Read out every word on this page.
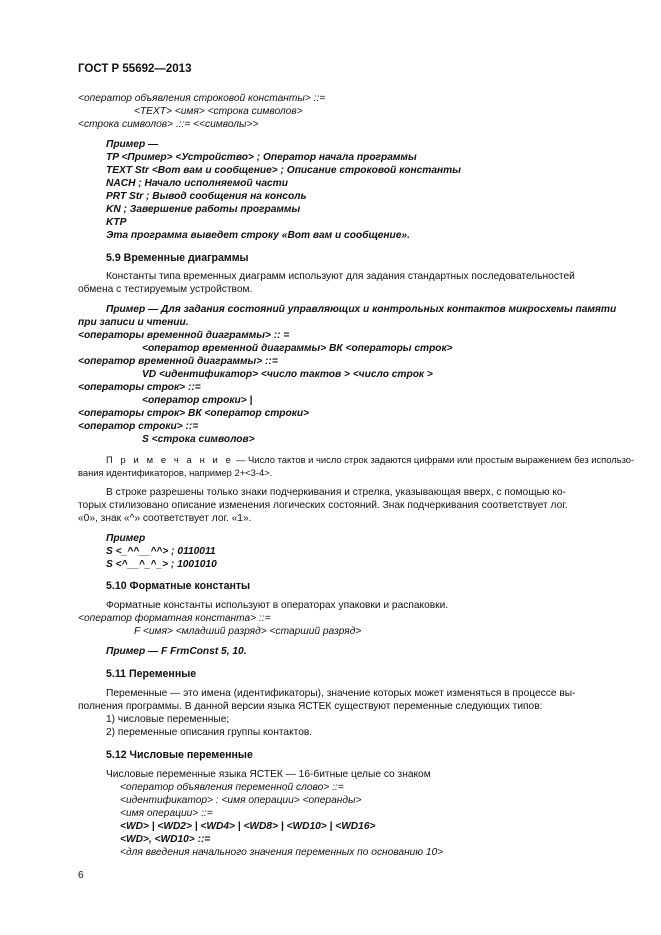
ГОСТ Р 55692—2013
<оператор объявления строковой константы> ::=
<TEXT> <имя> <строка символов>
<строка символов> .::= <<символы>>
Пример —
TP <Пример> <Устройство> ; Оператор начала программы
TEXT Str <Вот вам и сообщение> ; Описание строковой константы
NACH ; Начало исполняемой части
PRT Str ; Вывод сообщения на консоль
KN ; Завершение работы программы
KTP
Эта программа выведет строку «Вот вам и сообщение».
5.9 Временные диаграммы
Константы типа временных диаграмм используют для задания стандартных последовательностей
обмена с тестируемым устройством.
Пример — Для задания состояний управляющих и контрольных контактов микросхемы памяти
при записи и чтении.
<операторы временной диаграммы> :: =
<оператор временной диаграммы> ВК <операторы строк>
<оператор временной диаграммы> ::=
VD <идентификатор> <число тактов > <число строк >
<операторы строк> ::=
<оператор строки> |
<операторы строк> ВК <оператор строки>
<оператор строки> ::=
S <строка символов>
П р и м е ч а н и е — Число тактов и число строк задаются цифрами или простым выражением без использо-
вания идентификаторов, например 2+<3-4>.
В строке разрешены только знаки подчеркивания и стрелка, указывающая вверх, с помощью ко-
торых стилизовано описание изменения логических состояний. Знак подчеркивания соответствует лог.
«0», знак «^» соответствует лог. «1».
Пример
S <_^^__^^> ; 0110011
S <^__^_^_> ; 1001010
5.10 Форматные константы
Форматные константы используют в операторах упаковки и распаковки.
<оператор форматная константа> ::=
F <имя> <младший разряд> <старший разряд>
Пример — F FrmConst 5, 10.
5.11 Переменные
Переменные — это имена (идентификаторы), значение которых может изменяться в процессе вы-
полнения программы. В данной версии языка ЯСТЕК существуют переменные следующих типов:
1) числовые переменные;
2) переменные описания группы контактов.
5.12 Числовые переменные
Числовые переменные языка ЯСТЕК — 16-битные целые со знаком
<оператор объявления переменной слово> ::=
<идентификатор> : <имя операции> <операнды>
<имя операции> ::=
<WD> | <WD2> | <WD4> | <WD8> | <WD10> | <WD16>
<WD>, <WD10> ::=
<для введения начального значения переменных по основанию 10>
6
